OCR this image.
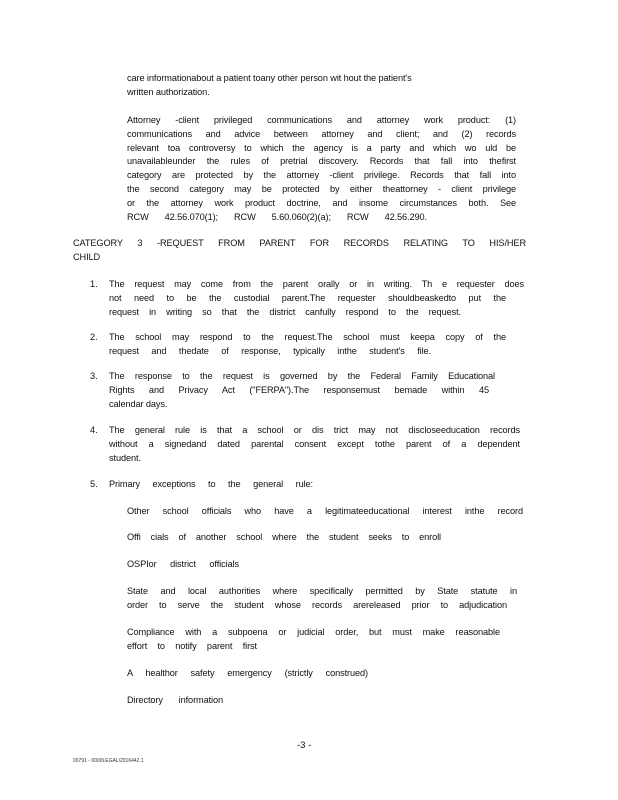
care informationabout a patient toany other person wit hout the patient's
written authorization.
Attorney -client privileged communications and attorney work product: (1)
communications and advice between attorney and client; and (2) records
relevant toa controversy to which the agency is a party and which wo uld be
unavailableunder the rules of pretrial discovery. Records that fall into thefirst
category are protected by the attorney -client privilege. Records that fall into
the second category may be protected by either theattorney - client privilege
or the attorney work product doctrine, and insome circumstances both. See
RCW 42.56.070(1); RCW 5.60.060(2)(a); RCW 42.56.290.
CATEGORY 3 -REQUEST FROM PARENT FOR RECORDS RELATING TO HIS/HER
CHILD
1. The request may come from the parent orally or in writing. Th e requester does
not need to be the custodial parent.The requester shouldbeaskedto put the
request in writing so that the district canfully respond to the request.
2. The school may respond to the request.The school must keepa copy of the
request and thedate of response, typically inthe student's file.
3. The response to the request is governed by the Federal Family Educational
Rights and Privacy Act ("FERPA").The responsemust bemade within 45
calendar days.
4. The general rule is that a school or dis trict may not discloseeducation records
without a signedand dated parental consent except tothe parent of a dependent
student.
5. Primary exceptions to the general rule:
Other school officials who have a legitimateeducational interest inthe record
Offi cials of another school where the student seeks to enroll
OSPIor district officials
State and local authorities where specifically permitted by State statute in
order to serve the student whose records arereleased prior to adjudication
Compliance with a subpoena or judicial order, but must make reasonable
effort to notify parent first
A healthor safety emergency (strictly construed)
Directory information
-3 -
00791 - 0000LEGAL/2016442.1
